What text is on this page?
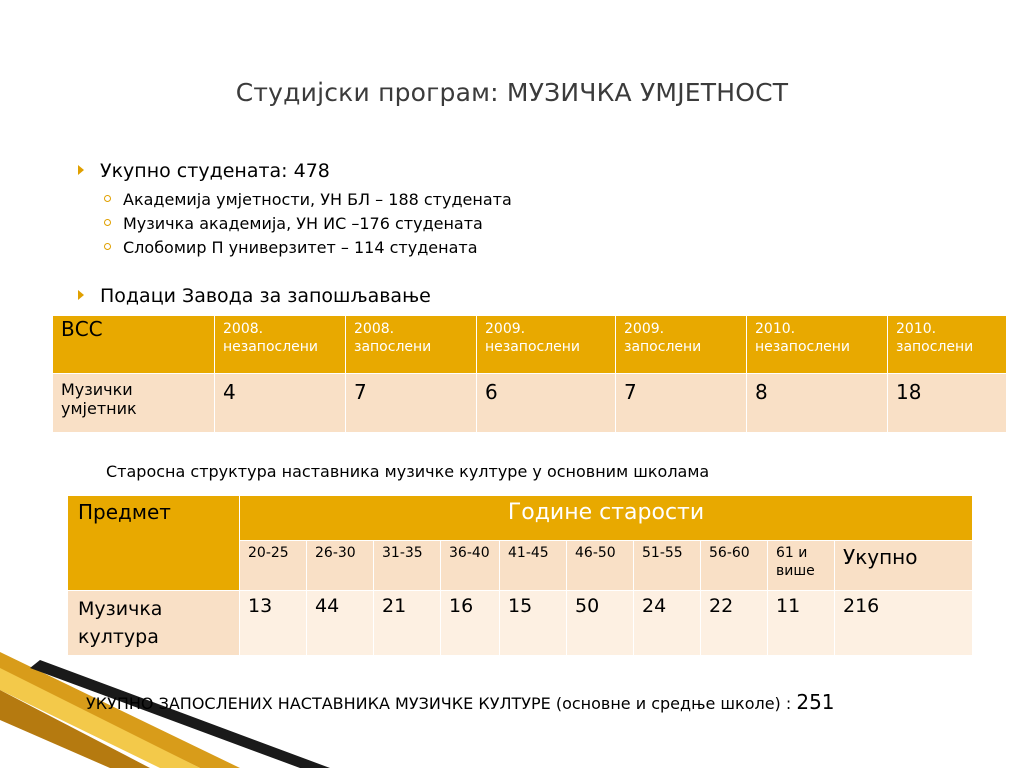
Студијски програм: МУЗИЧКА УМЈЕТНОСТ
Укупно студената: 478
Академија умјетности, УН БЛ – 188 студената
Музичка академија, УН ИС –176 студената
Слобомир П универзитет – 114 студената
Подаци Завода за запошљавање
ВСС	2008. незапослени	2008. запослени	2009. незапослени	2009. запослени	2010. незапослени	2010. запослени
Музички умјетник	4	7	6	7	8	18
Старосна структура наставника музичке културе у основним школама
Предмет	Године старости									
	20-25	26-30	31-35	36-40	41-45	46-50	51-55	56-60	61 и више	Укупно
Музичка култура	13	44	21	16	15	50	24	22	11	216
УКУПНО ЗАПОСЛЕНИХ НАСТАВНИКА МУЗИЧКЕ КУЛТУРЕ (основне и средње школе) : 251
